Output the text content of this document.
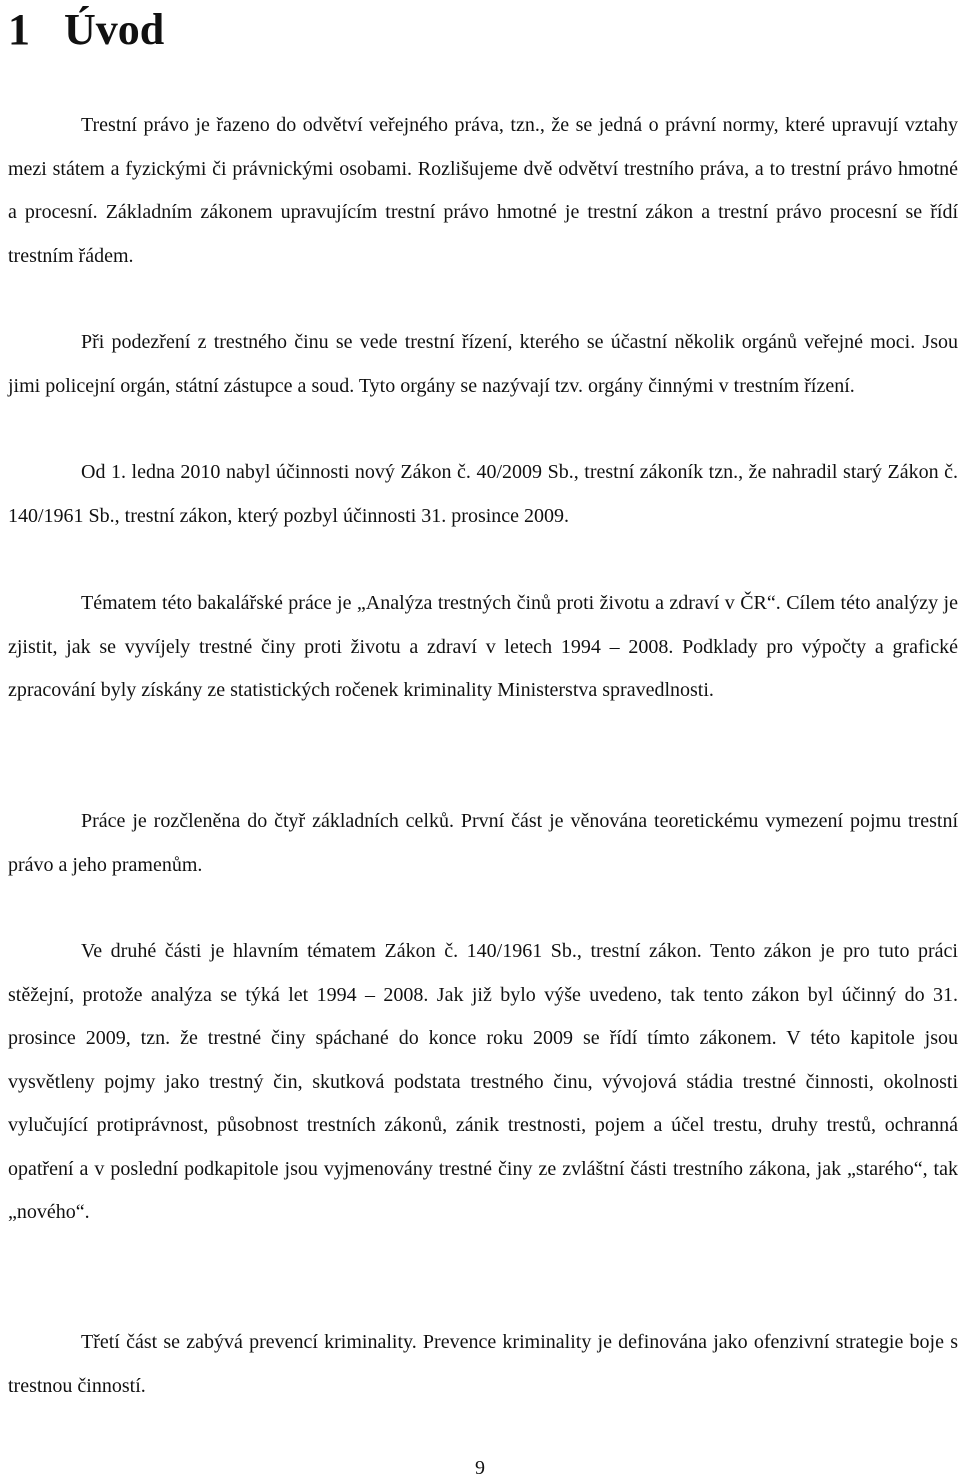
1 Úvod

Trestní právo je řazeno do odvětví veřejného práva, tzn., že se jedná o právní normy, které upravují vztahy mezi státem a fyzickými či právnickými osobami. Rozlišujeme dvě odvětví trestního práva, a to trestní právo hmotné a procesní. Základním zákonem upravujícím trestní právo hmotné je trestní zákon a trestní právo procesní se řídí trestním řádem.

Při podezření z trestného činu se vede trestní řízení, kterého se účastní několik orgánů veřejné moci. Jsou jimi policejní orgán, státní zástupce a soud. Tyto orgány se nazývají tzv. orgány činnými v trestním řízení.

Od 1. ledna 2010 nabyl účinnosti nový Zákon č. 40/2009 Sb., trestní zákoník tzn., že nahradil starý Zákon č. 140/1961 Sb., trestní zákon, který pozbyl účinnosti 31. prosince 2009.

Tématem této bakalářské práce je „Analýza trestných činů proti životu a zdraví v ČR“. Cílem této analýzy je zjistit, jak se vyvíjely trestné činy proti životu a zdraví v letech 1994 – 2008. Podklady pro výpočty a grafické zpracování byly získány ze statistických ročenek kriminality Ministerstva spravedlnosti.

Práce je rozčleněna do čtyř základních celků. První část je věnována teoretickému vymezení pojmu trestní právo a jeho pramenům.

Ve druhé části je hlavním tématem Zákon č. 140/1961 Sb., trestní zákon. Tento zákon je pro tuto práci stěžejní, protože analýza se týká let 1994 – 2008. Jak již bylo výše uvedeno, tak tento zákon byl účinný do 31. prosince 2009, tzn. že trestné činy spáchané do konce roku 2009 se řídí tímto zákonem. V této kapitole jsou vysvětleny pojmy jako trestný čin, skutková podstata trestného činu, vývojová stádia trestné činnosti, okolnosti vylučující protiprávnost, působnost trestních zákonů, zánik trestnosti, pojem a účel trestu, druhy trestů, ochranná opatření a v poslední podkapitole jsou vyjmenovány trestné činy ze zvláštní části trestního zákona, jak „starého“, tak „nového“.

Třetí část se zabývá prevencí kriminality. Prevence kriminality je definována jako ofenzivní strategie boje s trestnou činností.

9
